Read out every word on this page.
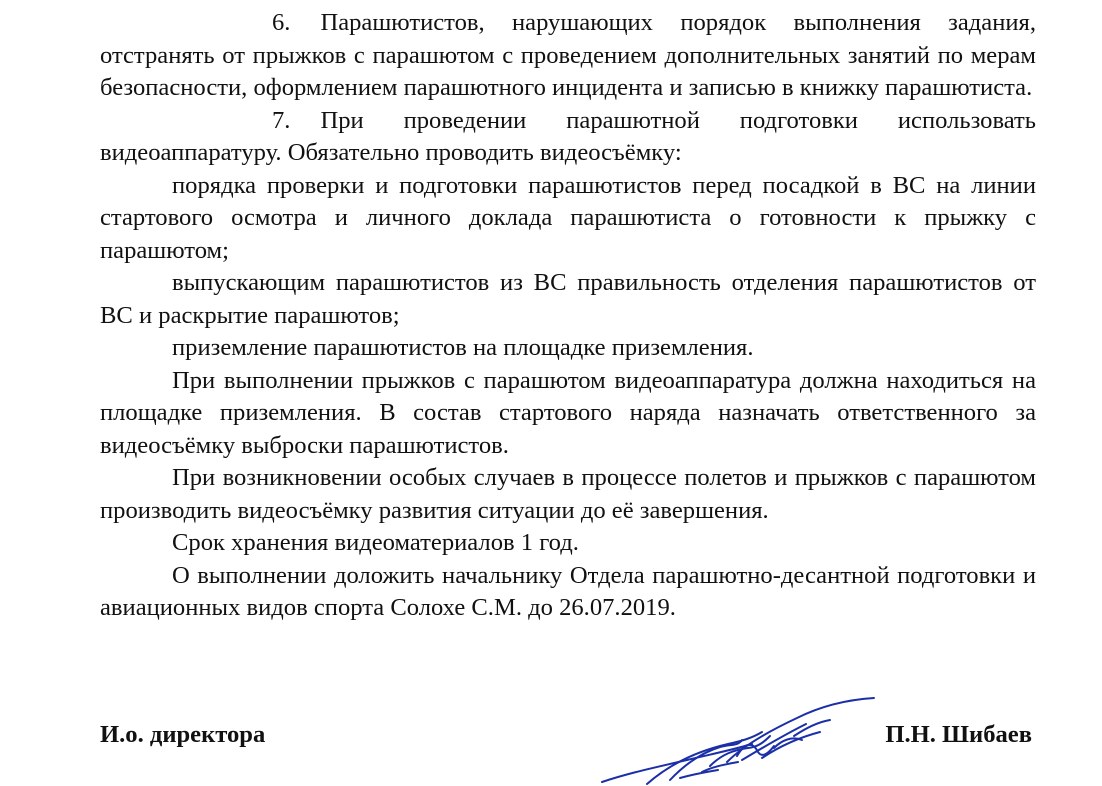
6. Парашютистов, нарушающих порядок выполнения задания, отстранять от прыжков с парашютом с проведением дополнительных занятий по мерам безопасности, оформлением парашютного инцидента и записью в книжку парашютиста.

7. При проведении парашютной подготовки использовать видеоаппаратуру. Обязательно проводить видеосъёмку:

порядка проверки и подготовки парашютистов перед посадкой в ВС на линии стартового осмотра и личного доклада парашютиста о готовности к прыжку с парашютом;

выпускающим парашютистов из ВС правильность отделения парашютистов от ВС и раскрытие парашютов;

приземление парашютистов на площадке приземления.

При выполнении прыжков с парашютом видеоаппаратура должна находиться на площадке приземления. В состав стартового наряда назначать ответственного за видеосъёмку выброски парашютистов.

При возникновении особых случаев в процессе полетов и прыжков с парашютом производить видеосъёмку развития ситуации до её завершения.

Срок хранения видеоматериалов 1 год.

О выполнении доложить начальнику Отдела парашютно-десантной подготовки и авиационных видов спорта Солохе С.М. до 26.07.2019.

И.о. директора	П.Н. Шибаев
